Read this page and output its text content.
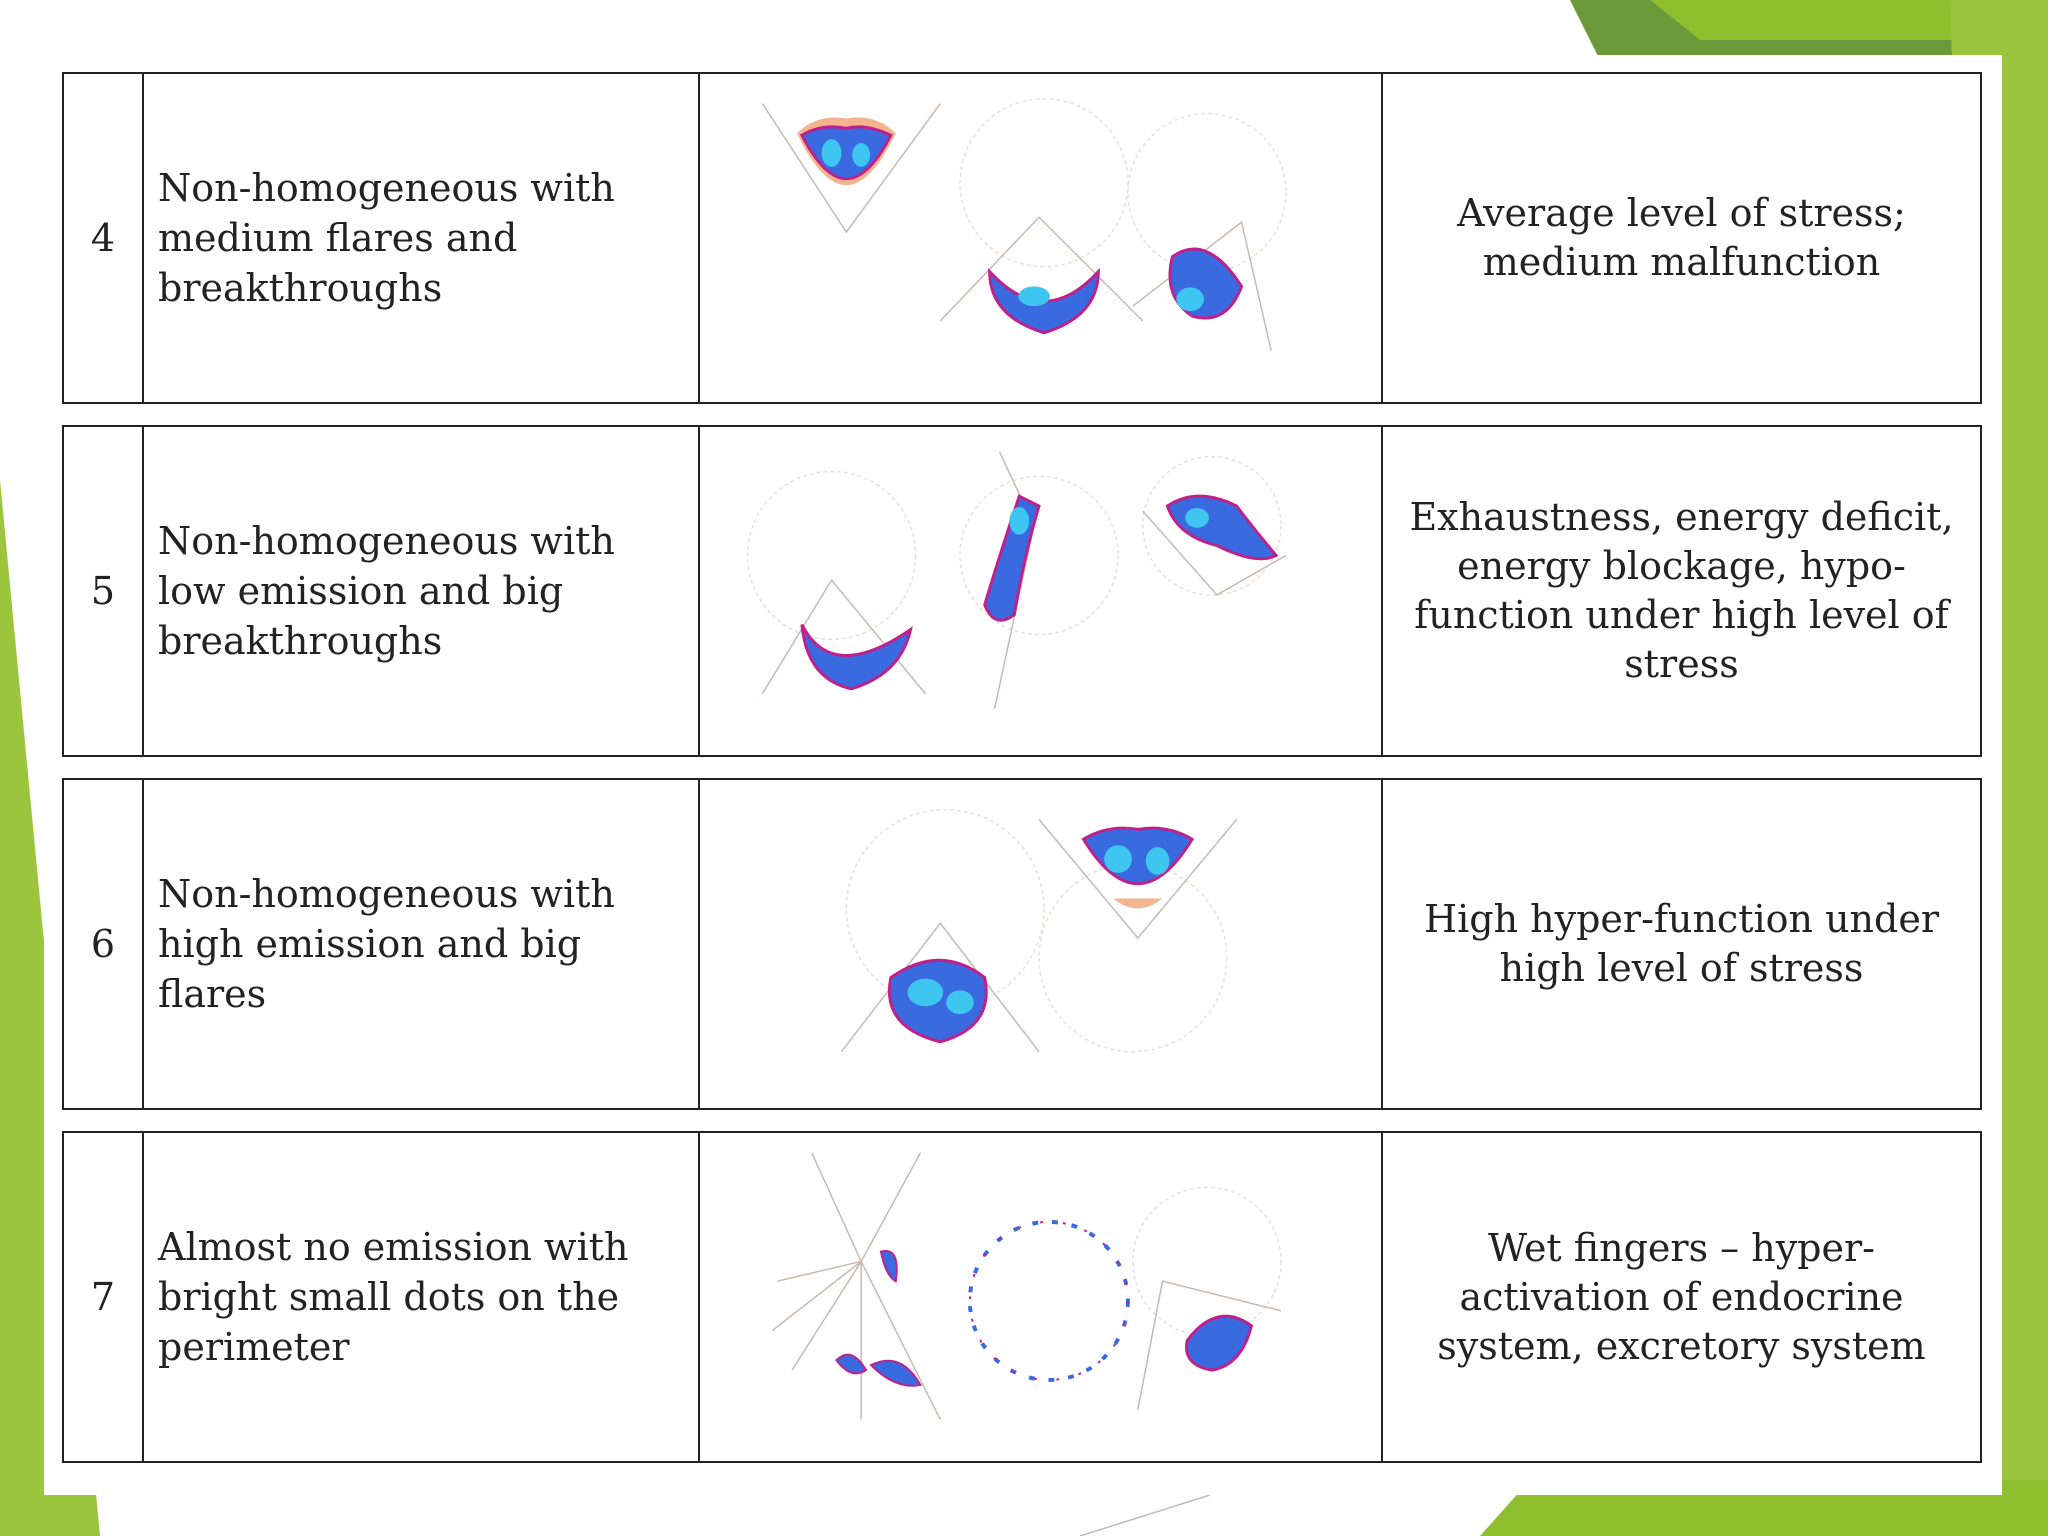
4
Non-homogeneous with medium flares and breakthroughs
Average level of stress; medium malfunction
5
Non-homogeneous with low emission and big breakthroughs
Exhaustness, energy deficit, energy blockage, hypo-function under high level of stress
6
Non-homogeneous with high emission and big flares
High hyper-function under high level of stress
7
Almost no emission with bright small dots on the perimeter
Wet fingers – hyper-activation of endocrine system, excretory system
